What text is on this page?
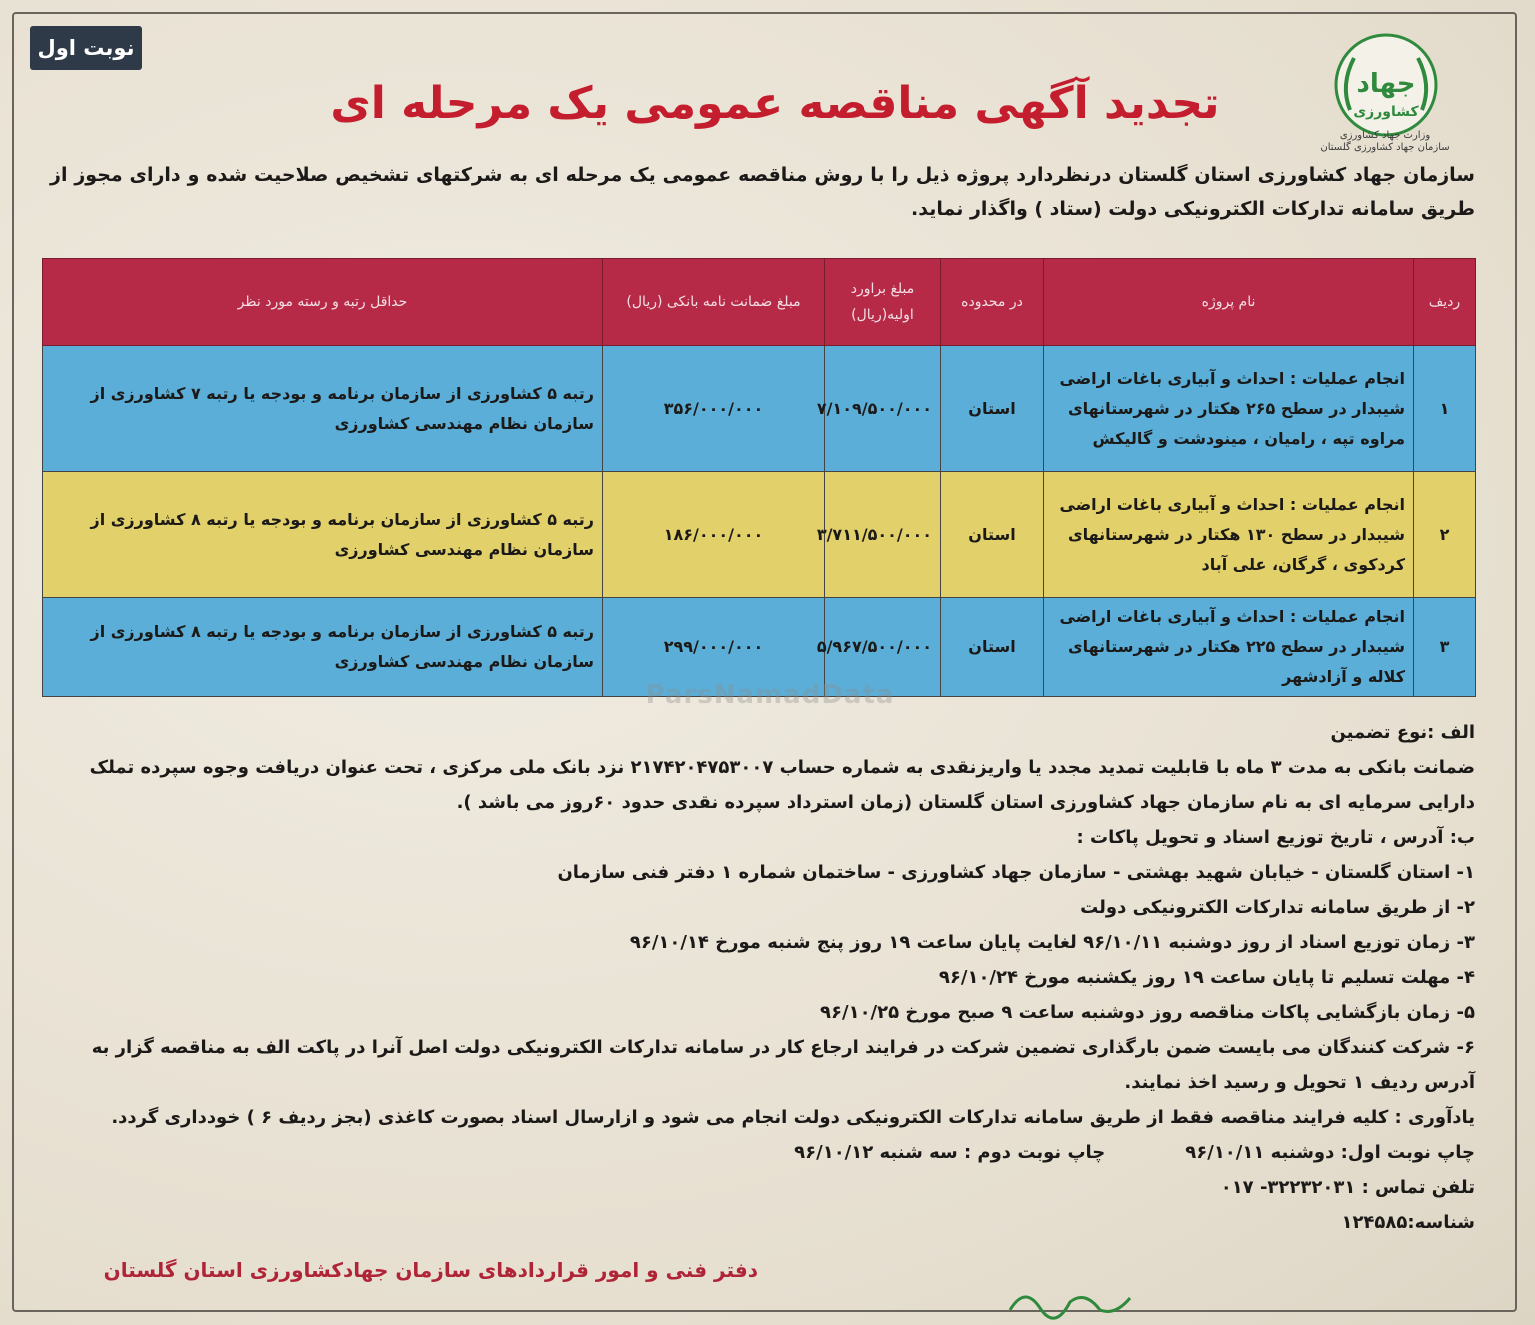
نوبت اول
جهاد
کشاورزی
وزارت جهاد کشاورزی
سازمان جهاد کشاورزی گلستان
تجدید آگهی مناقصه عمومی یک مرحله ای
سازمان جهاد کشاورزی استان گلستان درنظردارد پروژه ذیل را با روش مناقصه عمومی یک مرحله ای به شرکتهای تشخیص صلاحیت شده و دارای مجوز از طریق سامانه تدارکات الکترونیکی دولت (ستاد ) واگذار نماید.
ردیف	نام پروژه	در محدوده	مبلغ براورد اولیه(ریال)	مبلغ ضمانت نامه بانکی (ریال)	حداقل رتبه و رسته مورد نظر
۱	انجام عملیات : احداث و آبیاری باغات اراضی شیبدار در سطح ۲۶۵ هکتار در شهرستانهای مراوه تپه ، رامیان ، مینودشت و گالیکش	استان	۷/۱۰۹/۵۰۰/۰۰۰	۳۵۶/۰۰۰/۰۰۰	رتبه ۵ کشاورزی از سازمان برنامه و بودجه یا رتبه ۷ کشاورزی از سازمان نظام مهندسی کشاورزی
۲	انجام عملیات : احداث و آبیاری باغات اراضی شیبدار در سطح ۱۳۰ هکتار در شهرستانهای کردکوی ، گرگان، علی آباد	استان	۳/۷۱۱/۵۰۰/۰۰۰	۱۸۶/۰۰۰/۰۰۰	رتبه ۵ کشاورزی از سازمان برنامه و بودجه یا رتبه ۸ کشاورزی از سازمان نظام مهندسی کشاورزی
۳	انجام عملیات : احداث و آبیاری باغات اراضی شیبدار در سطح ۲۲۵ هکتار در شهرستانهای کلاله و آزادشهر	استان	۵/۹۶۷/۵۰۰/۰۰۰	۲۹۹/۰۰۰/۰۰۰	رتبه ۵ کشاورزی از سازمان برنامه و بودجه یا رتبه ۸ کشاورزی از سازمان نظام مهندسی کشاورزی
ParsNamadData

الف :نوع تضمین

ضمانت بانکی به مدت ۳ ماه با قابلیت تمدید مجدد یا واریزنقدی به شماره حساب ۲۱۷۴۲۰۴۷۵۳۰۰۷ نزد بانک ملی مرکزی ، تحت عنوان دریافت وجوه سپرده تملک دارایی سرمایه ای به نام سازمان جهاد کشاورزی استان گلستان (زمان استرداد سپرده نقدی حدود ۶۰روز می باشد ).

ب: آدرس ، تاریخ توزیع اسناد و تحویل پاکات :

۱- استان گلستان - خیابان شهید بهشتی - سازمان جهاد کشاورزی - ساختمان شماره ۱ دفتر فنی سازمان

۲- از طریق سامانه تدارکات الکترونیکی دولت

۳- زمان توزیع اسناد از روز دوشنبه ۹۶/۱۰/۱۱ لغایت پایان ساعت ۱۹ روز پنج شنبه مورخ ۹۶/۱۰/۱۴

۴- مهلت تسلیم تا پایان ساعت ۱۹ روز یکشنبه مورخ ۹۶/۱۰/۲۴

۵- زمان بازگشایی پاکات مناقصه روز دوشنبه ساعت ۹ صبح مورخ ۹۶/۱۰/۲۵

۶- شرکت کنندگان می بایست ضمن بارگذاری تضمین شرکت در فرایند ارجاع کار در سامانه تدارکات الکترونیکی دولت اصل آنرا در پاکت الف به مناقصه گزار به آدرس ردیف ۱ تحویل و رسید اخذ نمایند.

یادآوری : کلیه فرایند مناقصه فقط از طریق سامانه تدارکات الکترونیکی دولت انجام می شود و ازارسال اسناد بصورت کاغذی (بجز ردیف ۶ ) خودداری گردد.

چاپ نوبت اول: دوشنبه ۹۶/۱۰/۱۱
چاپ نوبت دوم : سه شنبه ۹۶/۱۰/۱۲

تلفن تماس : ۳۲۲۳۲۰۳۱- ۰۱۷

شناسه:۱۲۴۵۸۵

دفتر فنی و امور قراردادهای سازمان جهادکشاورزی استان گلستان
